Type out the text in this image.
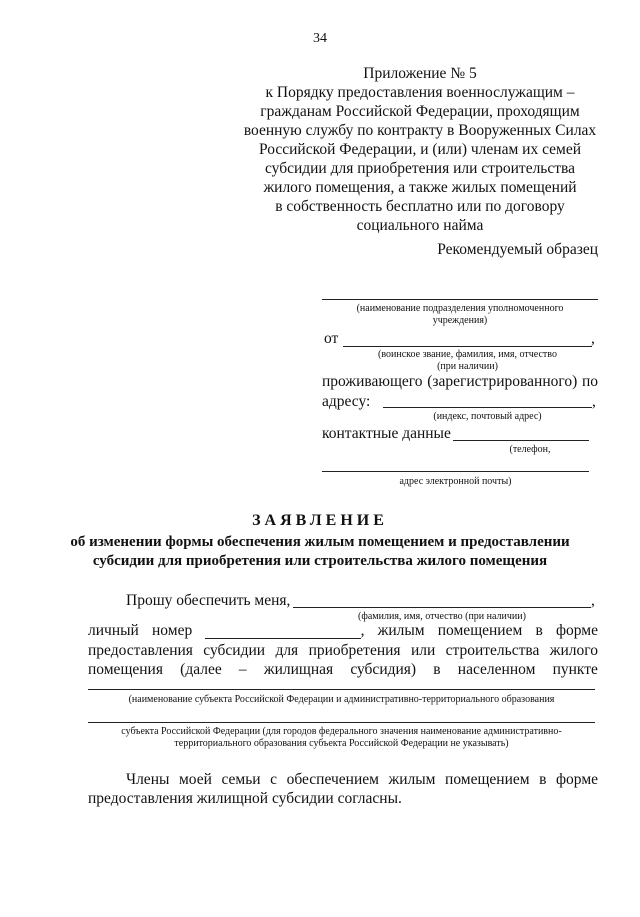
34
Приложение № 5
к Порядку предоставления военнослужащим –
гражданам Российской Федерации, проходящим
военную службу по контракту в Вооруженных Силах
Российской Федерации, и (или) членам их семей
субсидии для приобретения или строительства
жилого помещения, а также жилых помещений
в собственность бесплатно или по договору
социального найма
Рекомендуемый образец
(наименование подразделения уполномоченного
учреждения)
от	,
(воинское звание, фамилия, имя, отчество
(при наличии)
проживающего (зарегистрированного) по
адресу:	,
(индекс, почтовый адрес)
контактные данные
(телефон,
адрес электронной почты)
ЗАЯВЛЕНИЕ
об изменении формы обеспечения жилым помещением и предоставлении
субсидии для приобретения или строительства жилого помещения
Прошу обеспечить меня,	,
(фамилия, имя, отчество (при наличии)
личный номер	, жилым помещением в форме
предоставления субсидии для приобретения или строительства жилого
помещения (далее – жилищная субсидия) в населенном пункте
(наименование субъекта Российской Федерации и административно-территориального образования
субъекта Российской Федерации (для городов федерального значения наименование административно-
территориального образования субъекта Российской Федерации не указывать)
Члены моей семьи с обеспечением жилым помещением в форме
предоставления жилищной субсидии согласны.
